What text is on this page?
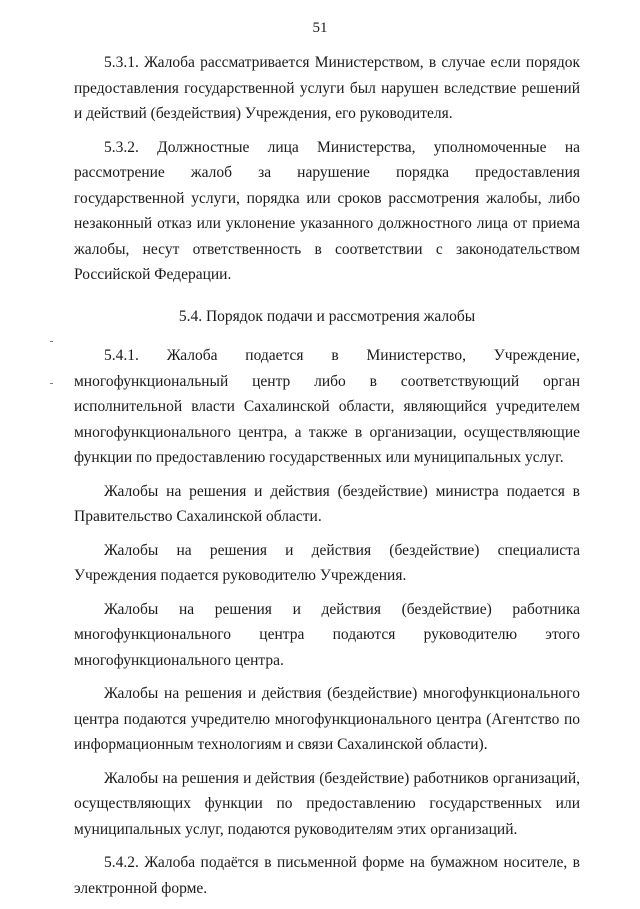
51

5.3.1. Жалоба рассматривается Министерством, в случае если порядок предоставления государственной услуги был нарушен вследствие решений и действий (бездействия) Учреждения, его руководителя.

5.3.2. Должностные лица Министерства, уполномоченные на рассмотрение жалоб за нарушение порядка предоставления государственной услуги, порядка или сроков рассмотрения жалобы, либо незаконный отказ или уклонение указанного должностного лица от приема жалобы, несут ответственность в соответствии с законодательством Российской Федерации.

5.4. Порядок подачи и рассмотрения жалобы

5.4.1. Жалоба подается в Министерство, Учреждение, многофункциональный центр либо в соответствующий орган исполнительной власти Сахалинской области, являющийся учредителем многофункционального центра, а также в организации, осуществляющие функции по предоставлению государственных или муниципальных услуг.

Жалобы на решения и действия (бездействие) министра подается в Правительство Сахалинской области.

Жалобы на решения и действия (бездействие) специалиста Учреждения подается руководителю Учреждения.

Жалобы на решения и действия (бездействие) работника многофункционального центра подаются руководителю этого многофункционального центра.

Жалобы на решения и действия (бездействие) многофункционального центра подаются учредителю многофункционального центра (Агентство по информационным технологиям и связи Сахалинской области).

Жалобы на решения и действия (бездействие) работников организаций, осуществляющих функции по предоставлению государственных или муниципальных услуг, подаются руководителям этих организаций.

5.4.2. Жалоба подаётся в письменной форме на бумажном носителе, в электронной форме.
